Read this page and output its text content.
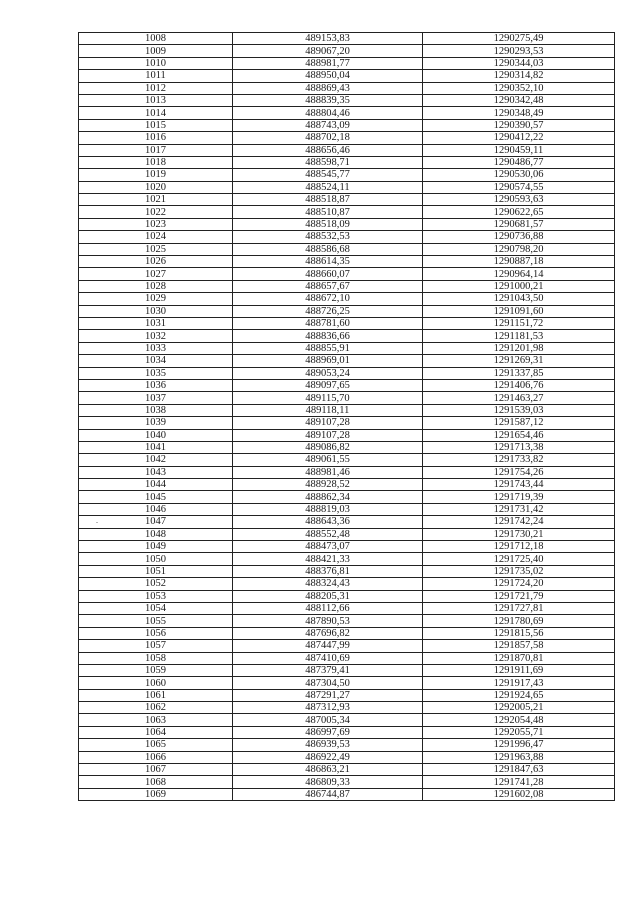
1008	489153,83	1290275,49
1009	489067,20	1290293,53
1010	488981,77	1290344,03
1011	488950,04	1290314,82
1012	488869,43	1290352,10
1013	488839,35	1290342,48
1014	488804,46	1290348,49
1015	488743,09	1290390,57
1016	488702,18	1290412,22
1017	488656,46	1290459,11
1018	488598,71	1290486,77
1019	488545,77	1290530,06
1020	488524,11	1290574,55
1021	488518,87	1290593,63
1022	488510,87	1290622,65
1023	488518,09	1290681,57
1024	488532,53	1290736,88
1025	488586,68	1290798,20
1026	488614,35	1290887,18
1027	488660,07	1290964,14
1028	488657,67	1291000,21
1029	488672,10	1291043,50
1030	488726,25	1291091,60
1031	488781,60	1291151,72
1032	488836,66	1291181,53
1033	488855,91	1291201,98
1034	488969,01	1291269,31
1035	489053,24	1291337,85
1036	489097,65	1291406,76
1037	489115,70	1291463,27
1038	489118,11	1291539,03
1039	489107,28	1291587,12
1040	489107,28	1291654,46
1041	489086,82	1291713,38
1042	489061,55	1291733,82
1043	488981,46	1291754,26
1044	488928,52	1291743,44
1045	488862,34	1291719,39
1046	488819,03	1291731,42
1047	488643,36	1291742,24
1048	488552,48	1291730,21
1049	488473,07	1291712,18
1050	488421,33	1291725,40
1051	488376,81	1291735,02
1052	488324,43	1291724,20
1053	488205,31	1291721,79
1054	488112,66	1291727,81
1055	487890,53	1291780,69
1056	487696,82	1291815,56
1057	487447,99	1291857,58
1058	487410,69	1291870,81
1059	487379,41	1291911,69
1060	487304,50	1291917,43
1061	487291,27	1291924,65
1062	487312,93	1292005,21
1063	487005,34	1292054,48
1064	486997,69	1292055,71
1065	486939,53	1291996,47
1066	486922,49	1291963,88
1067	486863,21	1291847,63
1068	486809,33	1291741,28
1069	486744,87	1291602,08
